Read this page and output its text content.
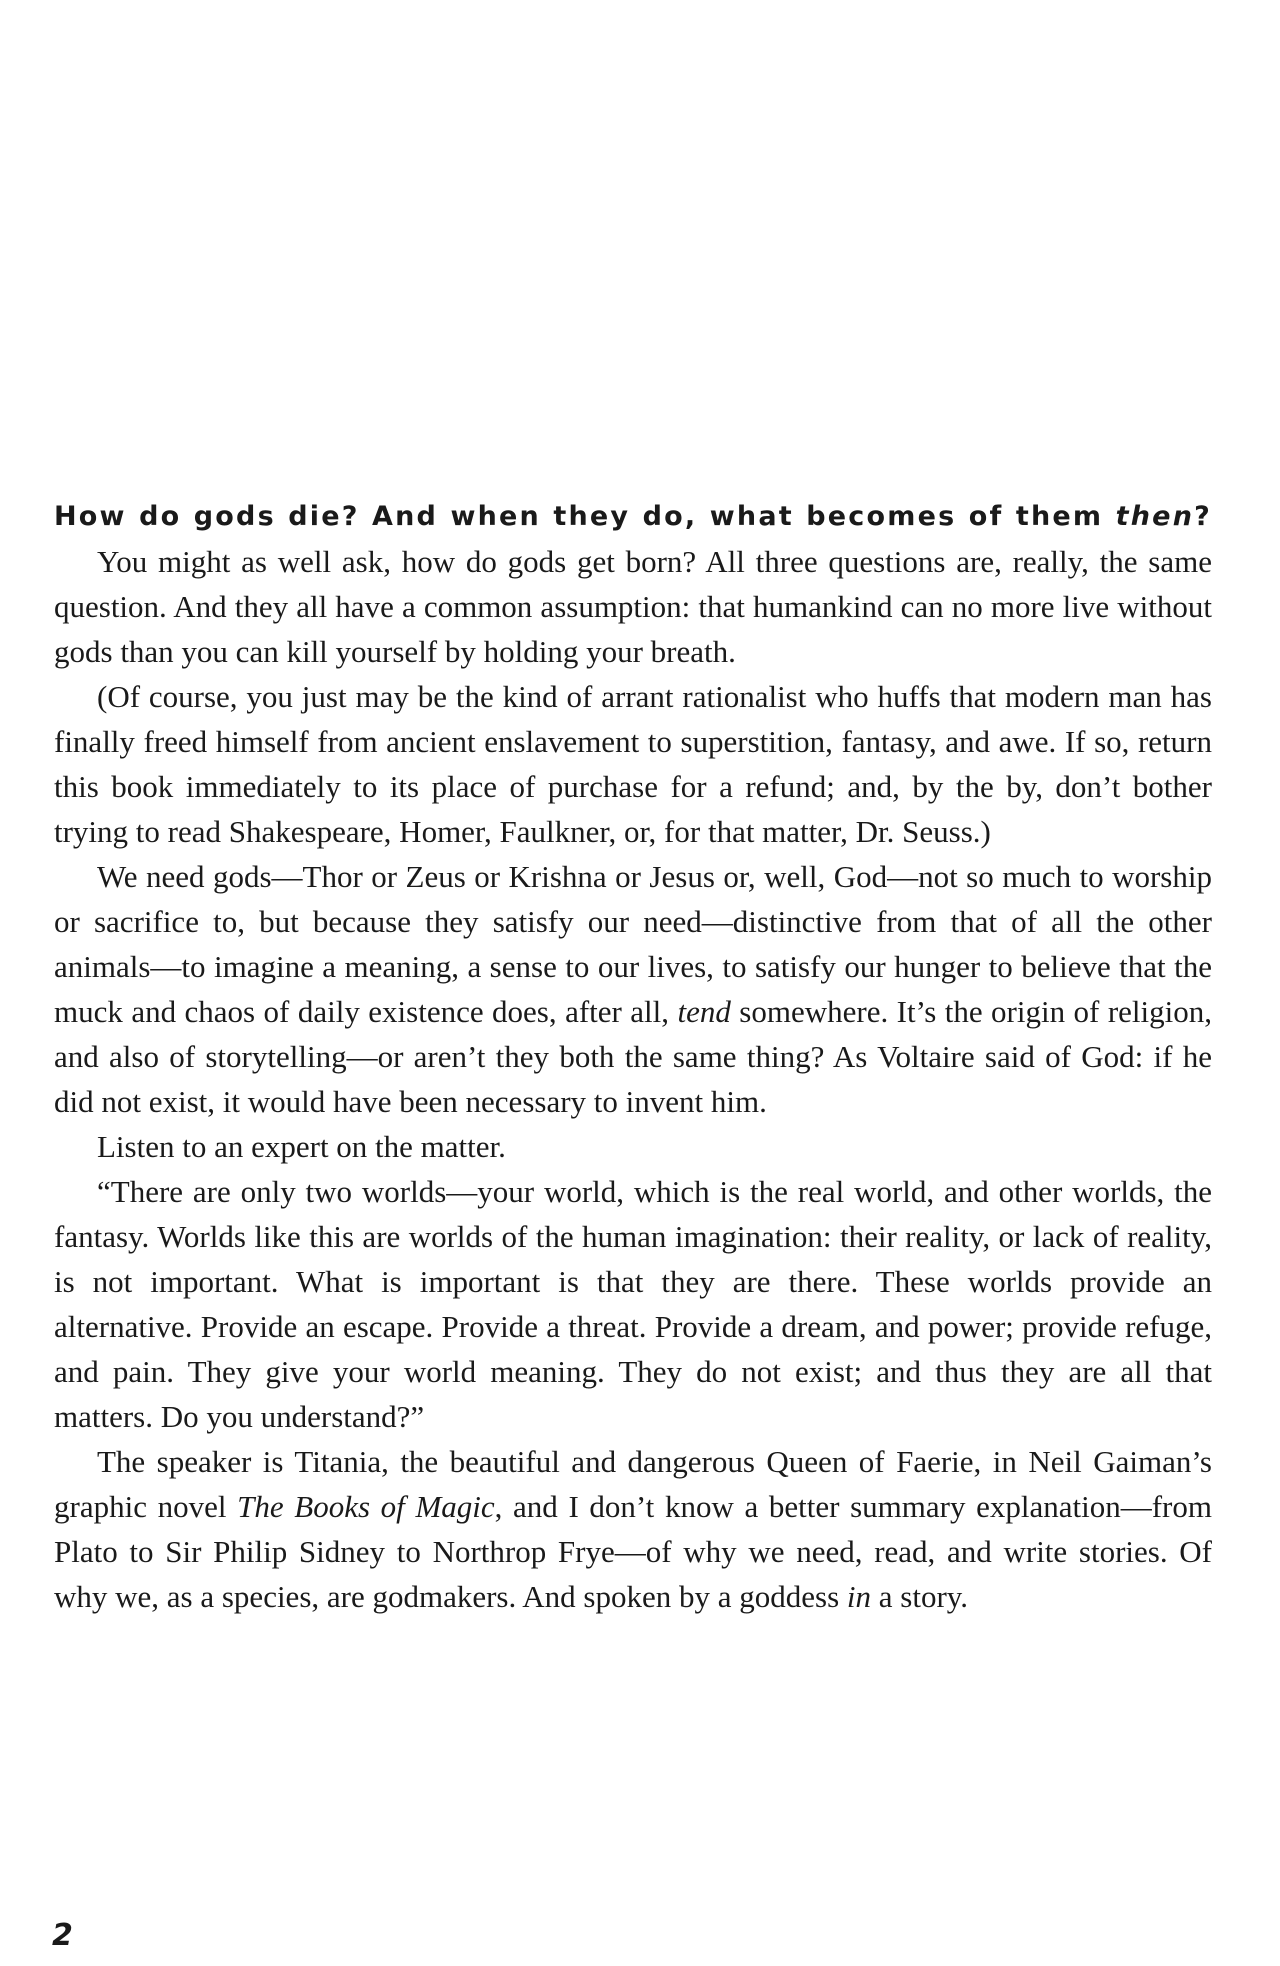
How do gods die? And when they do, what becomes of them then?

You might as well ask, how do gods get born? All three questions are, really, the same question. And they all have a common assumption: that humankind can no more live without gods than you can kill yourself by holding your breath.

(Of course, you just may be the kind of arrant rationalist who huffs that modern man has finally freed himself from ancient enslavement to superstition, fantasy, and awe. If so, return this book immediately to its place of purchase for a refund; and, by the by, don’t bother trying to read Shakespeare, Homer, Faulkner, or, for that matter, Dr. Seuss.)

We need gods—Thor or Zeus or Krishna or Jesus or, well, God—not so much to worship or sacrifice to, but because they satisfy our need—distinctive from that of all the other animals—to imagine a meaning, a sense to our lives, to satisfy our hunger to believe that the muck and chaos of daily existence does, after all, tend somewhere. It’s the origin of religion, and also of storytelling—or aren’t they both the same thing? As Voltaire said of God: if he did not exist, it would have been necessary to invent him.

Listen to an expert on the matter.

“There are only two worlds—your world, which is the real world, and other worlds, the fantasy. Worlds like this are worlds of the human imagination: their reality, or lack of reality, is not important. What is important is that they are there. These worlds provide an alternative. Provide an escape. Provide a threat. Provide a dream, and power; provide refuge, and pain. They give your world meaning. They do not exist; and thus they are all that matters. Do you understand?”

The speaker is Titania, the beautiful and dangerous Queen of Faerie, in Neil Gaiman’s graphic novel The Books of Magic, and I don’t know a better summary explanation—from Plato to Sir Philip Sidney to Northrop Frye—of why we need, read, and write stories. Of why we, as a species, are godmakers. And spoken by a goddess in a story.

2
